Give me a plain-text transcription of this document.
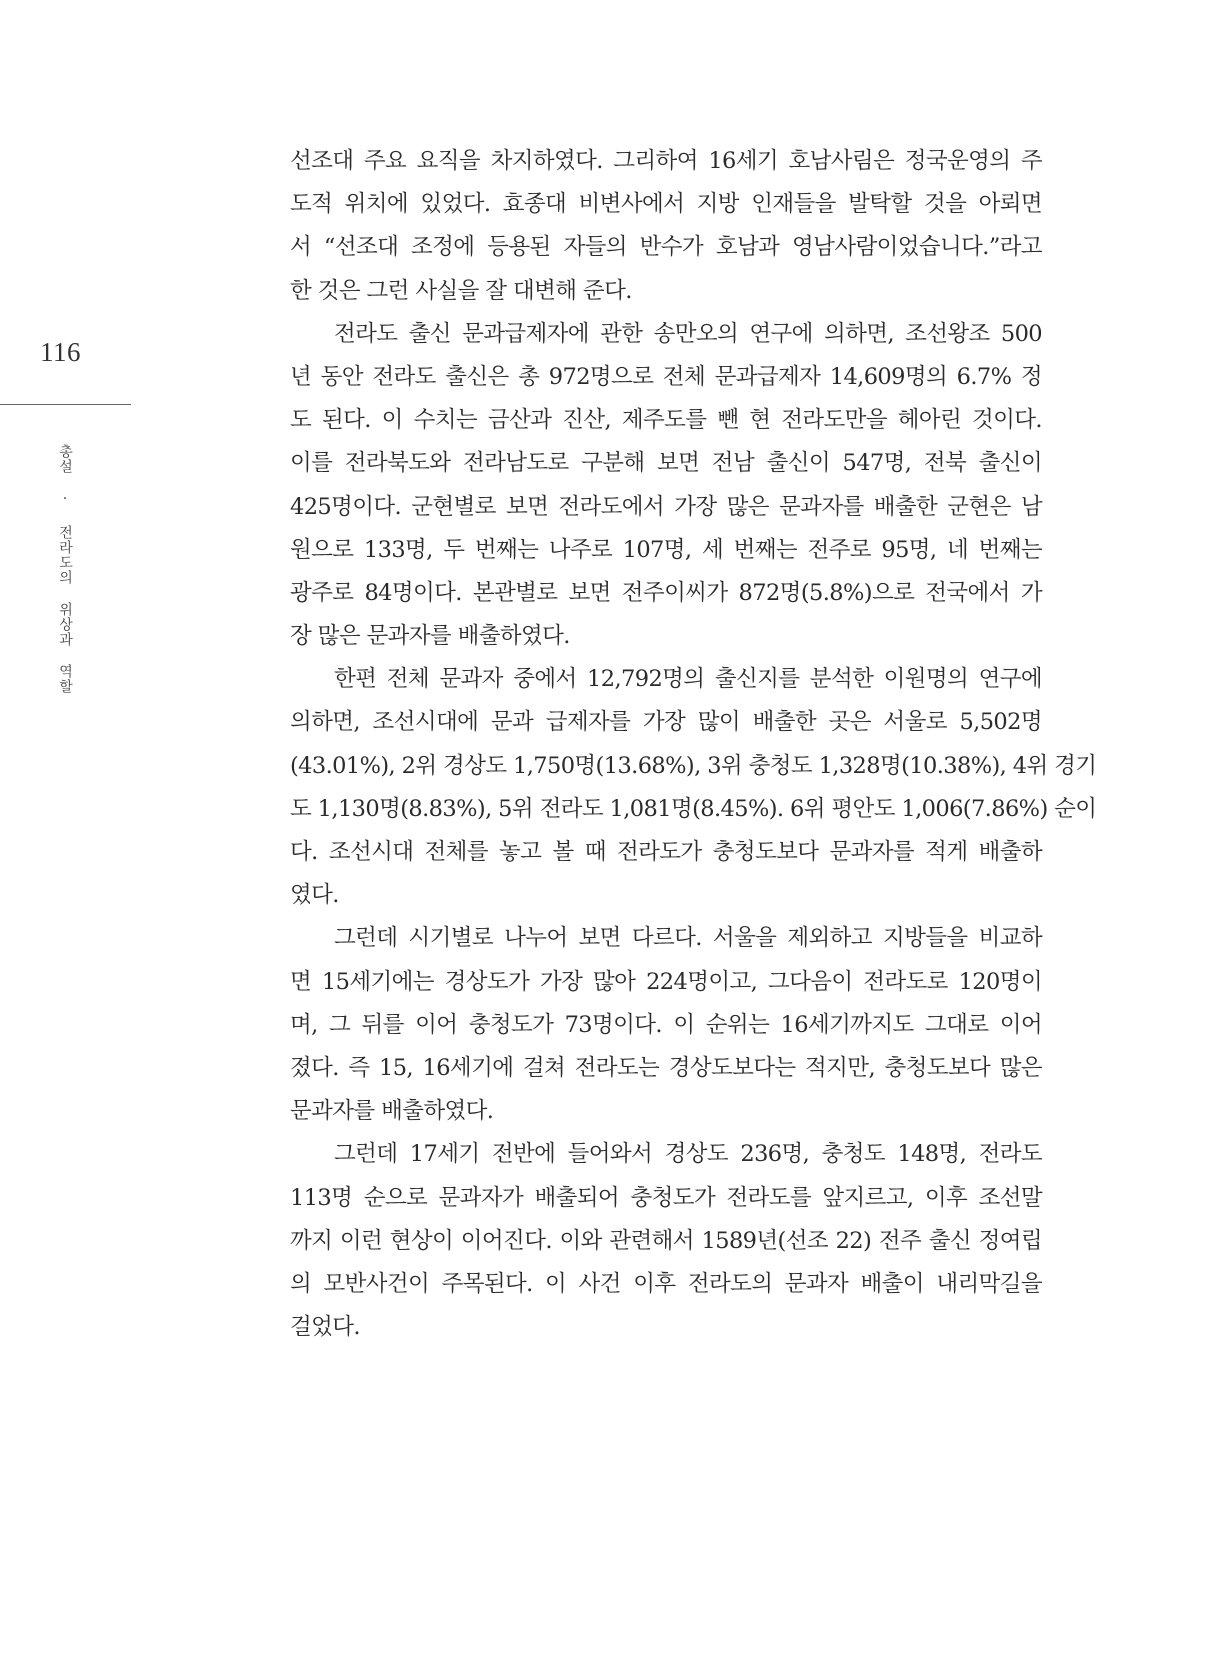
116
총설 · 전라도의 위상과 역할
선조대 주요 요직을 차지하였다. 그리하여 16세기 호남사림은 정국운영의 주
도적 위치에 있었다. 효종대 비변사에서 지방 인재들을 발탁할 것을 아뢰면
서 “선조대 조정에 등용된 자들의 반수가 호남과 영남사람이었습니다.”라고
한 것은 그런 사실을 잘 대변해 준다.
전라도 출신 문과급제자에 관한 송만오의 연구에 의하면, 조선왕조 500
년 동안 전라도 출신은 총 972명으로 전체 문과급제자 14,609명의 6.7% 정
도 된다. 이 수치는 금산과 진산, 제주도를 뺀 현 전라도만을 헤아린 것이다.
이를 전라북도와 전라남도로 구분해 보면 전남 출신이 547명, 전북 출신이
425명이다. 군현별로 보면 전라도에서 가장 많은 문과자를 배출한 군현은 남
원으로 133명, 두 번째는 나주로 107명, 세 번째는 전주로 95명, 네 번째는
광주로 84명이다. 본관별로 보면 전주이씨가 872명(5.8%)으로 전국에서 가
장 많은 문과자를 배출하였다.
한편 전체 문과자 중에서 12,792명의 출신지를 분석한 이원명의 연구에
의하면, 조선시대에 문과 급제자를 가장 많이 배출한 곳은 서울로 5,502명
(43.01%), 2위 경상도 1,750명(13.68%), 3위 충청도 1,328명(10.38%), 4위 경기
도 1,130명(8.83%), 5위 전라도 1,081명(8.45%). 6위 평안도 1,006(7.86%) 순이
다. 조선시대 전체를 놓고 볼 때 전라도가 충청도보다 문과자를 적게 배출하
였다.
그런데 시기별로 나누어 보면 다르다. 서울을 제외하고 지방들을 비교하
면 15세기에는 경상도가 가장 많아 224명이고, 그다음이 전라도로 120명이
며, 그 뒤를 이어 충청도가 73명이다. 이 순위는 16세기까지도 그대로 이어
졌다. 즉 15, 16세기에 걸쳐 전라도는 경상도보다는 적지만, 충청도보다 많은
문과자를 배출하였다.
그런데 17세기 전반에 들어와서 경상도 236명, 충청도 148명, 전라도
113명 순으로 문과자가 배출되어 충청도가 전라도를 앞지르고, 이후 조선말
까지 이런 현상이 이어진다. 이와 관련해서 1589년(선조 22) 전주 출신 정여립
의 모반사건이 주목된다. 이 사건 이후 전라도의 문과자 배출이 내리막길을
걸었다.
